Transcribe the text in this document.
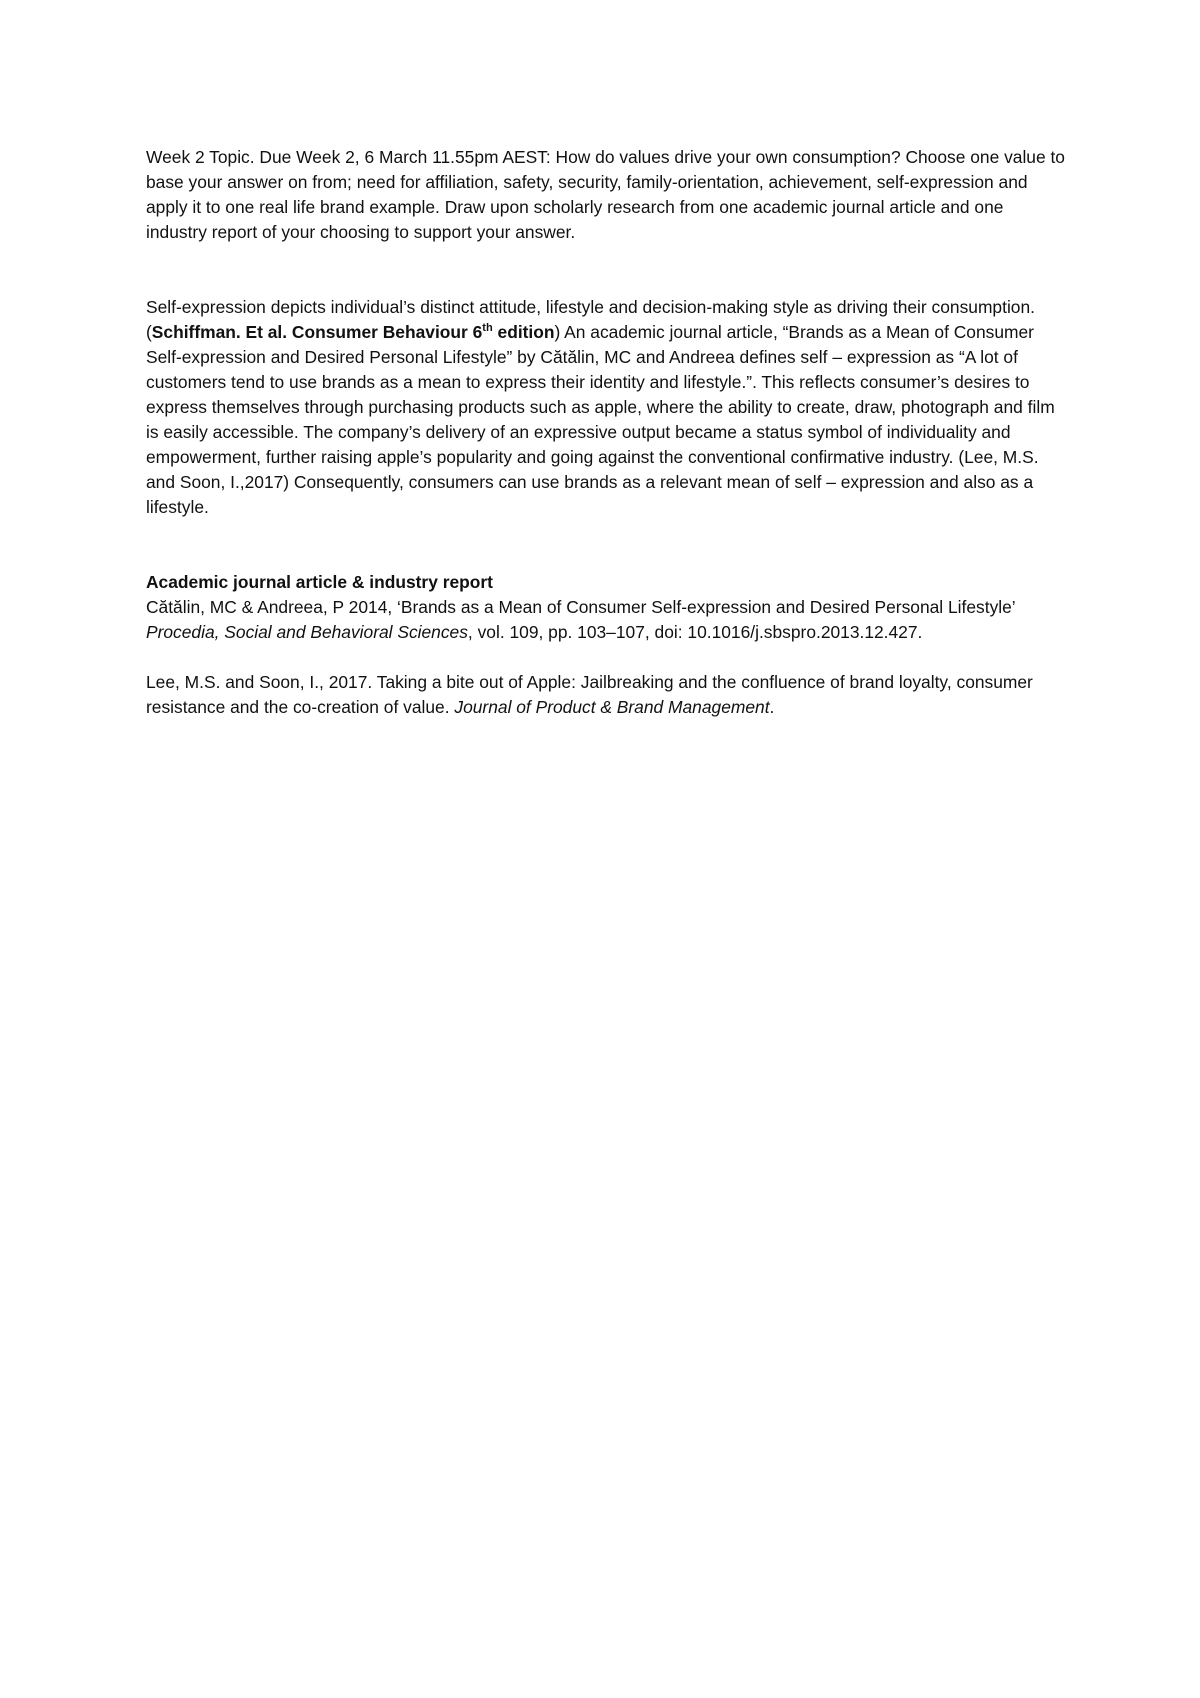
Week 2 Topic. Due Week 2, 6 March 11.55pm AEST: How do values drive your own consumption? Choose one value to base your answer on from; need for affiliation, safety, security, family-orientation, achievement, self-expression and apply it to one real life brand example. Draw upon scholarly research from one academic journal article and one industry report of your choosing to support your answer.

Self-expression depicts individual’s distinct attitude, lifestyle and decision-making style as driving their consumption. (Schiffman. Et al. Consumer Behaviour 6th edition) An academic journal article, “Brands as a Mean of Consumer Self-expression and Desired Personal Lifestyle” by Cătălin, MC and Andreea defines self – expression as “A lot of customers tend to use brands as a mean to express their identity and lifestyle.”. This reflects consumer’s desires to express themselves through purchasing products such as apple, where the ability to create, draw, photograph and film is easily accessible. The company’s delivery of an expressive output became a status symbol of individuality and empowerment, further raising apple’s popularity and going against the conventional confirmative industry. (Lee, M.S. and Soon, I.,2017) Consequently, consumers can use brands as a relevant mean of self – expression and also as a lifestyle.

Academic journal article & industry report

Cătălin, MC & Andreea, P 2014, ‘Brands as a Mean of Consumer Self-expression and Desired Personal Lifestyle’ Procedia, Social and Behavioral Sciences, vol. 109, pp. 103–107, doi: 10.1016/j.sbspro.2013.12.427.

Lee, M.S. and Soon, I., 2017. Taking a bite out of Apple: Jailbreaking and the confluence of brand loyalty, consumer resistance and the co-creation of value. Journal of Product & Brand Management.
